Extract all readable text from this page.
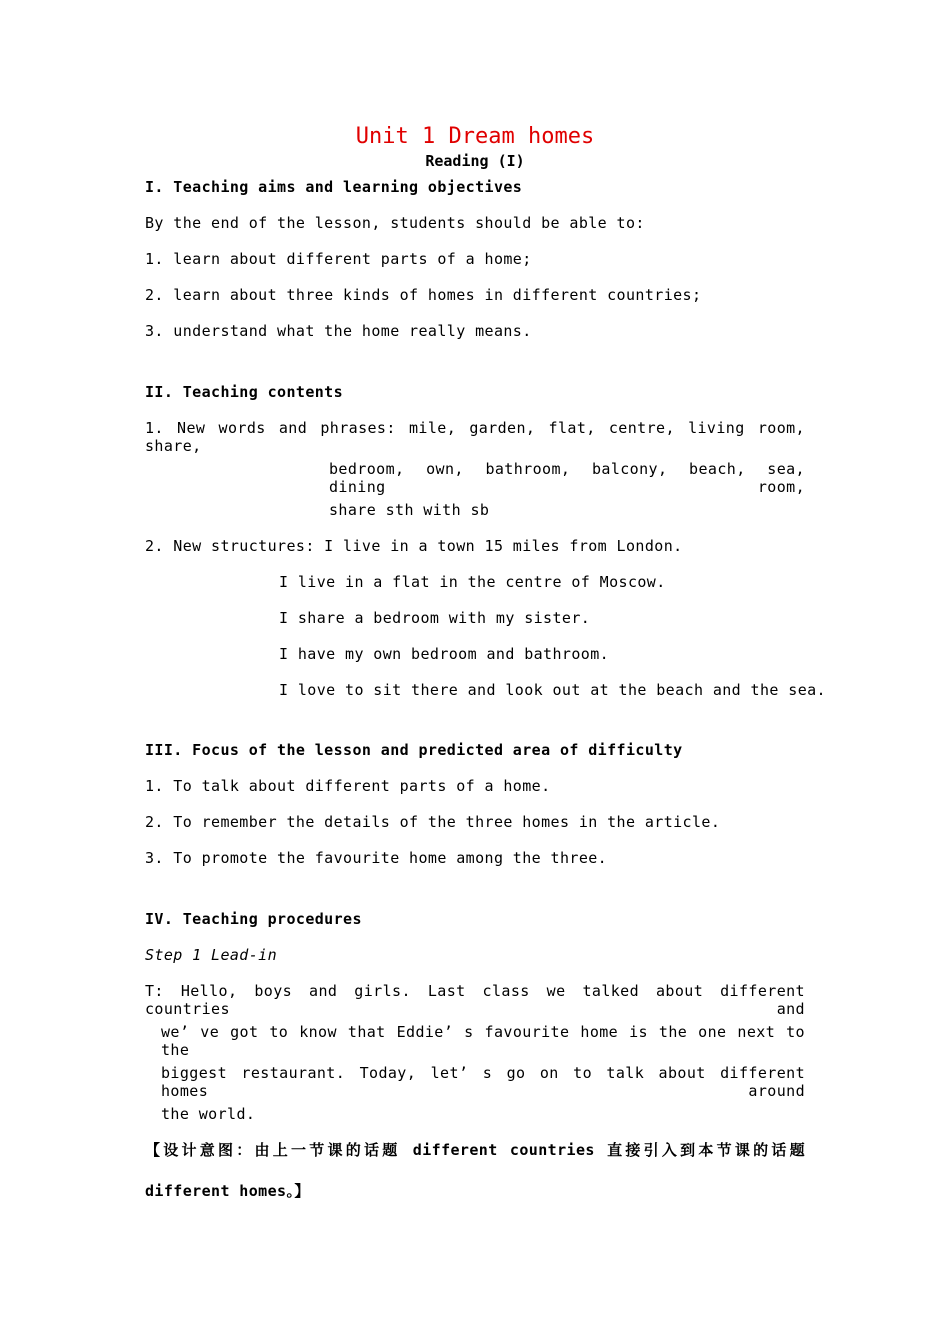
Unit 1 Dream homes
Reading (I)
I. Teaching aims and learning objectives
By the end of the lesson, students should be able to:
1. learn about different parts of a home;
2. learn about three kinds of homes in different countries;
3. understand what the home really means.
II. Teaching contents
1. New words and phrases: mile, garden, flat, centre, living room, share,
bedroom, own, bathroom, balcony, beach, sea, dining room,
share sth with sb
2. New structures: I live in a town 15 miles from London.
I live in a flat in the centre of Moscow.
I share a bedroom with my sister.
I have my own bedroom and bathroom.
I love to sit there and look out at the beach and the sea.
III. Focus of the lesson and predicted area of difficulty
1. To talk about different parts of a home.
2. To remember the details of the three homes in the article.
3. To promote the favourite home among the three.
IV. Teaching procedures
Step 1 Lead-in
T: Hello, boys and girls. Last class we talked about different countries and
we’ ve got to know that Eddie’ s favourite home is the one next to the
biggest restaurant. Today, let’ s go on to talk about different homes around
the world.
【设计意图：由上一节课的话题 different countries 直接引入到本节课的话题
different homes。】
